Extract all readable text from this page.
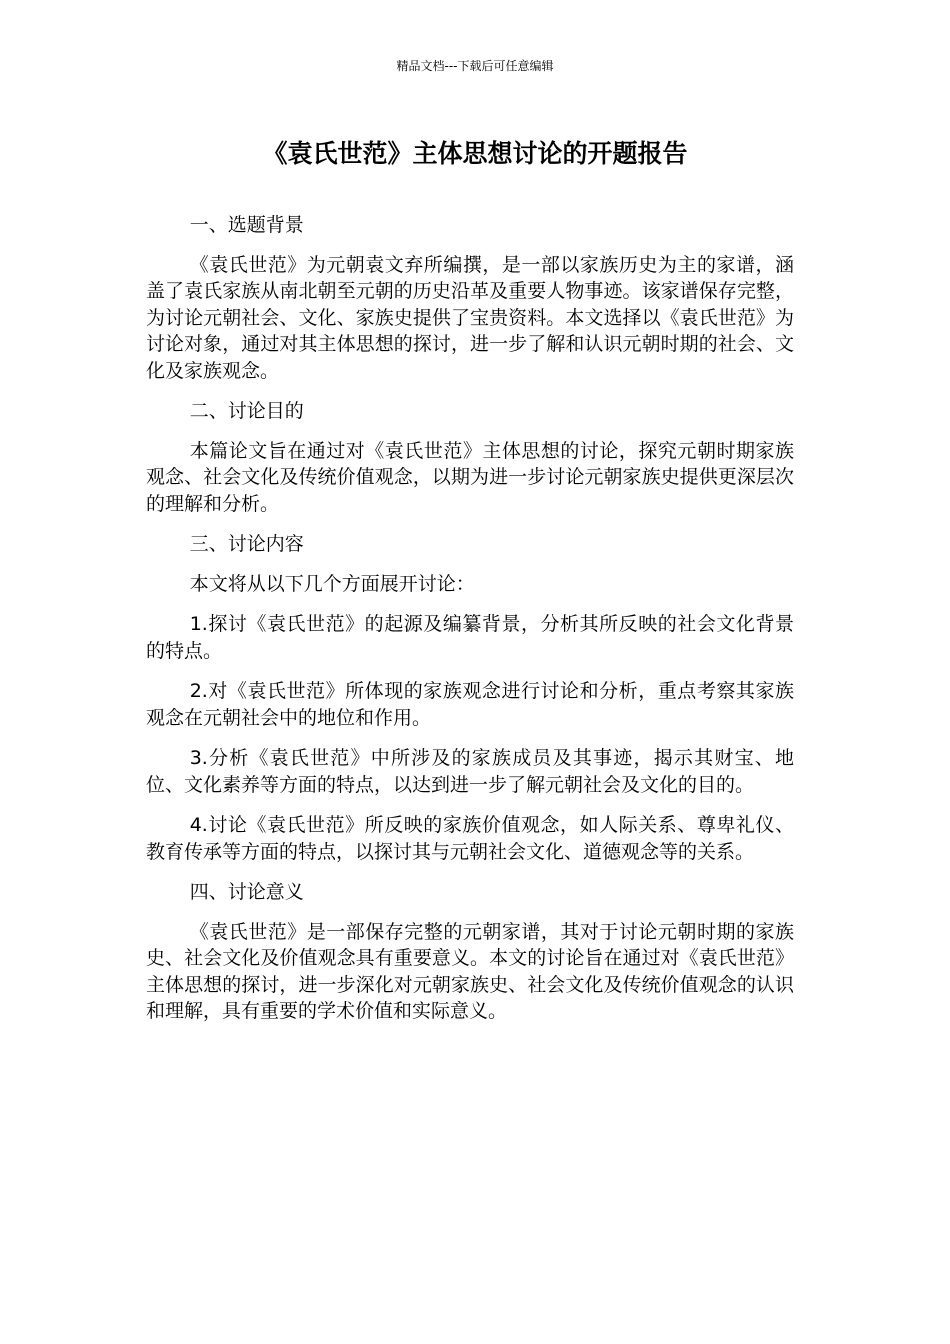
精品文档---下载后可任意编辑
《袁氏世范》主体思想讨论的开题报告

一、选题背景

《袁氏世范》为元朝袁文弃所编撰，是一部以家族历史为主的家谱，涵盖了袁氏家族从南北朝至元朝的历史沿革及重要人物事迹。该家谱保存完整，为讨论元朝社会、文化、家族史提供了宝贵资料。本文选择以《袁氏世范》为讨论对象，通过对其主体思想的探讨，进一步了解和认识元朝时期的社会、文化及家族观念。

二、讨论目的

本篇论文旨在通过对《袁氏世范》主体思想的讨论，探究元朝时期家族观念、社会文化及传统价值观念，以期为进一步讨论元朝家族史提供更深层次的理解和分析。

三、讨论内容

本文将从以下几个方面展开讨论：

1.探讨《袁氏世范》的起源及编纂背景，分析其所反映的社会文化背景的特点。

2.对《袁氏世范》所体现的家族观念进行讨论和分析，重点考察其家族观念在元朝社会中的地位和作用。

3.分析《袁氏世范》中所涉及的家族成员及其事迹，揭示其财宝、地位、文化素养等方面的特点，以达到进一步了解元朝社会及文化的目的。

4.讨论《袁氏世范》所反映的家族价值观念，如人际关系、尊卑礼仪、教育传承等方面的特点，以探讨其与元朝社会文化、道德观念等的关系。

四、讨论意义

《袁氏世范》是一部保存完整的元朝家谱，其对于讨论元朝时期的家族史、社会文化及价值观念具有重要意义。本文的讨论旨在通过对《袁氏世范》主体思想的探讨，进一步深化对元朝家族史、社会文化及传统价值观念的认识和理解，具有重要的学术价值和实际意义。
